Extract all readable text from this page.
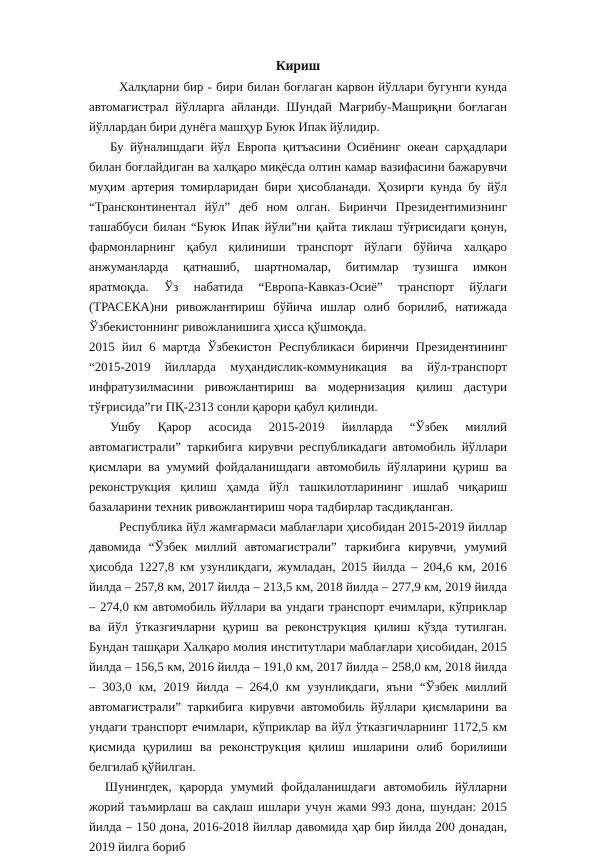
Кириш

Халқларни бир - бири билан боғлаган карвон йўллари бугунги кунда автомагистрал йўлларга айланди. Шундай Мағрибу-Машриқни боғлаган йўллардан бири дунёга машҳур Буюк Ипак йўлидир.

Бу йўналишдаги йўл Европа қитъасини Осиёнинг океан сарҳадлари билан боғлайдиган ва халқаро миқёсда олтин камар вазифасини бажарувчи муҳим артерия томирларидан бири ҳисобланади. Ҳозирги кунда бу йўл “Трансконтинентал йўл” деб ном олган. Биринчи Президентимизнинг ташаббуси билан “Буюк Ипак йўли”ни қайта тиклаш тўғрисидаги қонун, фармонларнинг қабул қилиниши транспорт йўлаги бўйича халқаро анжуманларда қатнашиб, шартномалар, битимлар тузишга имкон яратмоқда. Ўз набатида “Европа-Кавказ-Осиё” транспорт йўлаги (ТРАСЕКА)ни ривожлантириш бўйича ишлар олиб борилиб, натижада Ўзбекистоннинг ривожланишига ҳисса қўшмоқда.

2015 йил 6 мартда Ўзбекистон Республикаси биринчи Президентининг “2015-2019 йилларда муҳандислик-коммуникация ва йўл-транспорт инфратузилмасини ривожлантириш ва модернизация қилиш дастури тўғрисида”ги ПҚ-2313 сонли қарори қабул қилинди.

Ушбу Қарор асосида 2015-2019 йилларда “Ўзбек миллий автомагистрали” таркибига кирувчи республикадаги автомобиль йўллари қисмлари ва умумий фойдаланишдаги автомобиль йўлларини қуриш ва реконструкция қилиш ҳамда йўл ташкилотларининг ишлаб чиқариш базаларини техник ривожлантириш чора тадбирлар тасдиқланган.

Республика йўл жамғармаси маблағлари ҳисобидан 2015-2019 йиллар давомида “Ўзбек миллий автомагистрали” таркибига кирувчи, умумий ҳисобда 1227,8 км узунликдаги, жумладан, 2015 йилда – 204,6 км, 2016 йилда – 257,8 км, 2017 йилда – 213,5 км, 2018 йилда – 277,9 км, 2019 йилда – 274,0 км автомобиль йўллари ва ундаги транспорт ечимлари, кўприклар ва йўл ўтказгичларни қуриш ва реконструкция қилиш кўзда тутилган. Бундан ташқари Халқаро молия институтлари маблағлари ҳисобидан, 2015 йилда – 156,5 км, 2016 йилда – 191,0 км, 2017 йилда – 258,0 км, 2018 йилда – 303,0 км, 2019 йилда – 264,0 км узунликдаги, яъни “Ўзбек миллий автомагистрали” таркибига кирувчи автомобиль йўллари қисмларини ва ундаги транспорт ечимлари, кўприклар ва йўл ўтказгичларнинг 1172,5 км қисмида қурилиш ва реконструкция қилиш ишларини олиб борилиши белгилаб қўйилган.

Шунингдек, қарорда умумий фойдаланишдаги автомобиль йўлларни жорий таъмирлаш ва сақлаш ишлари учун жами 993 дона, шундан: 2015 йилда – 150 дона, 2016-2018 йиллар давомида ҳар бир йилда 200 донадан, 2019 йилга бориб
